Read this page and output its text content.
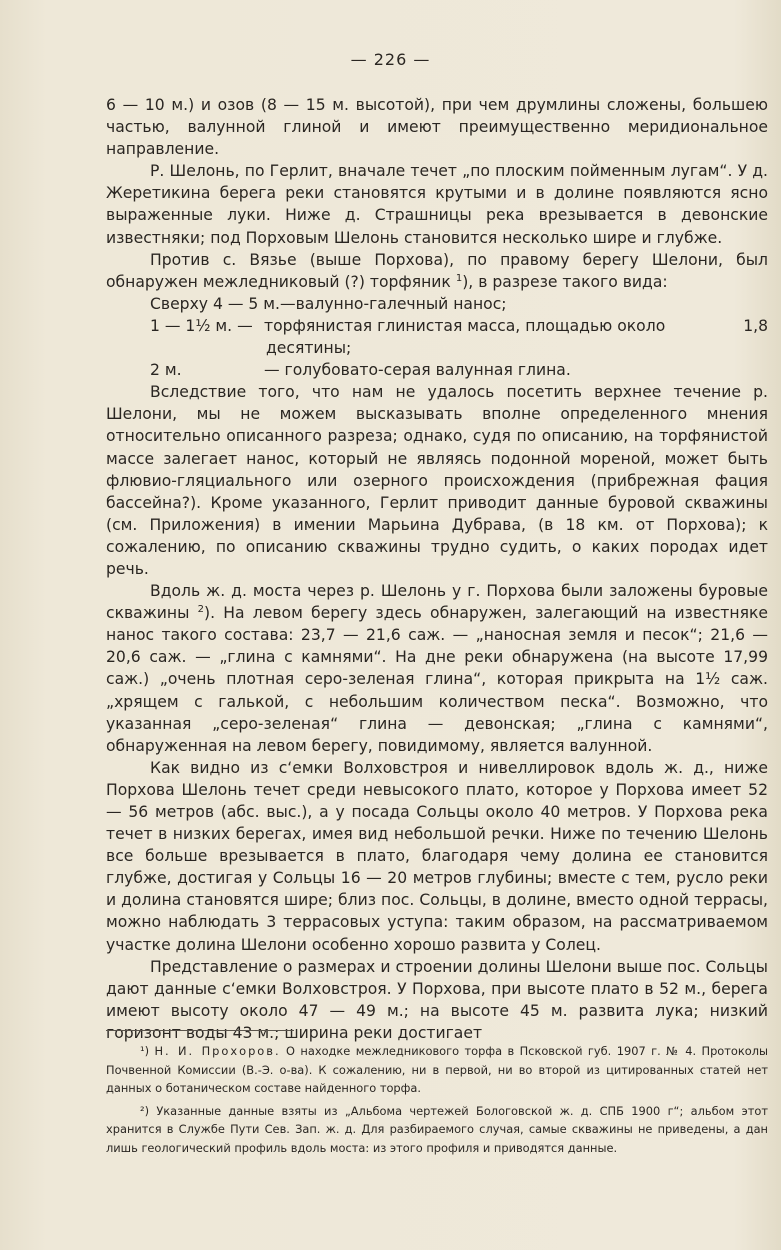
— 226 —

6 — 10 м.) и озов (8 — 15 м. высотой), при чем друмлины сложены, большею частью, валунной глиной и имеют преимущественно меридиональное направление.

Р. Шелонь, по Герлит, вначале течет „по плоским пойменным лугам“. У д. Жеретикина берега реки становятся крутыми и в долине появляются ясно выраженные луки. Ниже д. Страшницы река врезывается в девонские известняки; под Порховым Шелонь становится несколько шире и глубже.

Против с. Вязье (выше Порхова), по правому берегу Шелони, был обнаружен межледниковый (?) торфяник $^1$), в разрезе такого вида:

Сверху 4 — 5 м.—валунно-галечный нанос;
1 — 1½ м. — торфянистая глинистая масса, площадью около	1,8
десятины;
2 м.	— голубовато-серая валунная глина.

Вследствие того, что нам не удалось посетить верхнее течение р. Шелони, мы не можем высказывать вполне определенного мнения относительно описанного разреза; однако, судя по описанию, на торфянистой массе залегает нанос, который не являясь подонной мореной, может быть флювио-гляциального или озерного происхождения (прибрежная фация бассейна?). Кроме указанного, Герлит приводит данные буровой скважины (см. Приложения) в имении Марьина Дубрава, (в 18 км. от Порхова); к сожалению, по описанию скважины трудно судить, о каких породах идет речь.

Вдоль ж. д. моста через р. Шелонь у г. Порхова были заложены буровые скважины $^2$). На левом берегу здесь обнаружен, залегающий на известняке нанос такого состава: 23,7 — 21,6 саж. — „наносная земля и песок“; 21,6 — 20,6 саж. — „глина с камнями“. На дне реки обнаружена (на высоте 17,99 саж.) „очень плотная серо-зеленая глина“, которая прикрыта на 1½ саж. „хрящем с галькой, с небольшим количеством песка“. Возможно, что указанная „серо-зеленая“ глина — девонская; „глина с камнями“, обнаруженная на левом берегу, повидимому, является валунной.

Как видно из с‘емки Волховстроя и нивеллировок вдоль ж. д., ниже Порхова Шелонь течет среди невысокого плато, которое у Порхова имеет 52 — 56 метров (абс. выс.), а у посада Сольцы около 40 метров. У Порхова река течет в низких берегах, имея вид небольшой речки. Ниже по течению Шелонь все больше врезывается в плато, благодаря чему долина ее становится глубже, достигая у Сольцы 16 — 20 метров глубины; вместе с тем, русло реки и долина становятся шире; близ пос. Сольцы, в долине, вместо одной террасы, можно наблюдать 3 террасовых уступа: таким образом, на рассматриваемом участке долина Шелони особенно хорошо развита у Солец.

Представление о размерах и строении долины Шелони выше пос. Сольцы дают данные с‘емки Волховстроя. У Порхова, при высоте плато в 52 м., берега имеют высоту около 47 — 49 м.; на высоте 45 м. развита лука; низкий горизонт воды 43 м.; ширина реки достигает

¹) Н. И. Прохоров. О находке межледникового торфа в Псковской губ. 1907 г. № 4. Протоколы Почвенной Комиссии (В.-Э. о-ва). К сожалению, ни в первой, ни во второй из цитированных статей нет данных о ботаническом составе найденного торфа.

²) Указанные данные взяты из „Альбома чертежей Бологовской ж. д. СПБ 1900 г“; альбом этот хранится в Службе Пути Сев. Зап. ж. д. Для разбираемого случая, самые скважины не приведены, а дан лишь геологический профиль вдоль моста: из этого профиля и приводятся данные.
